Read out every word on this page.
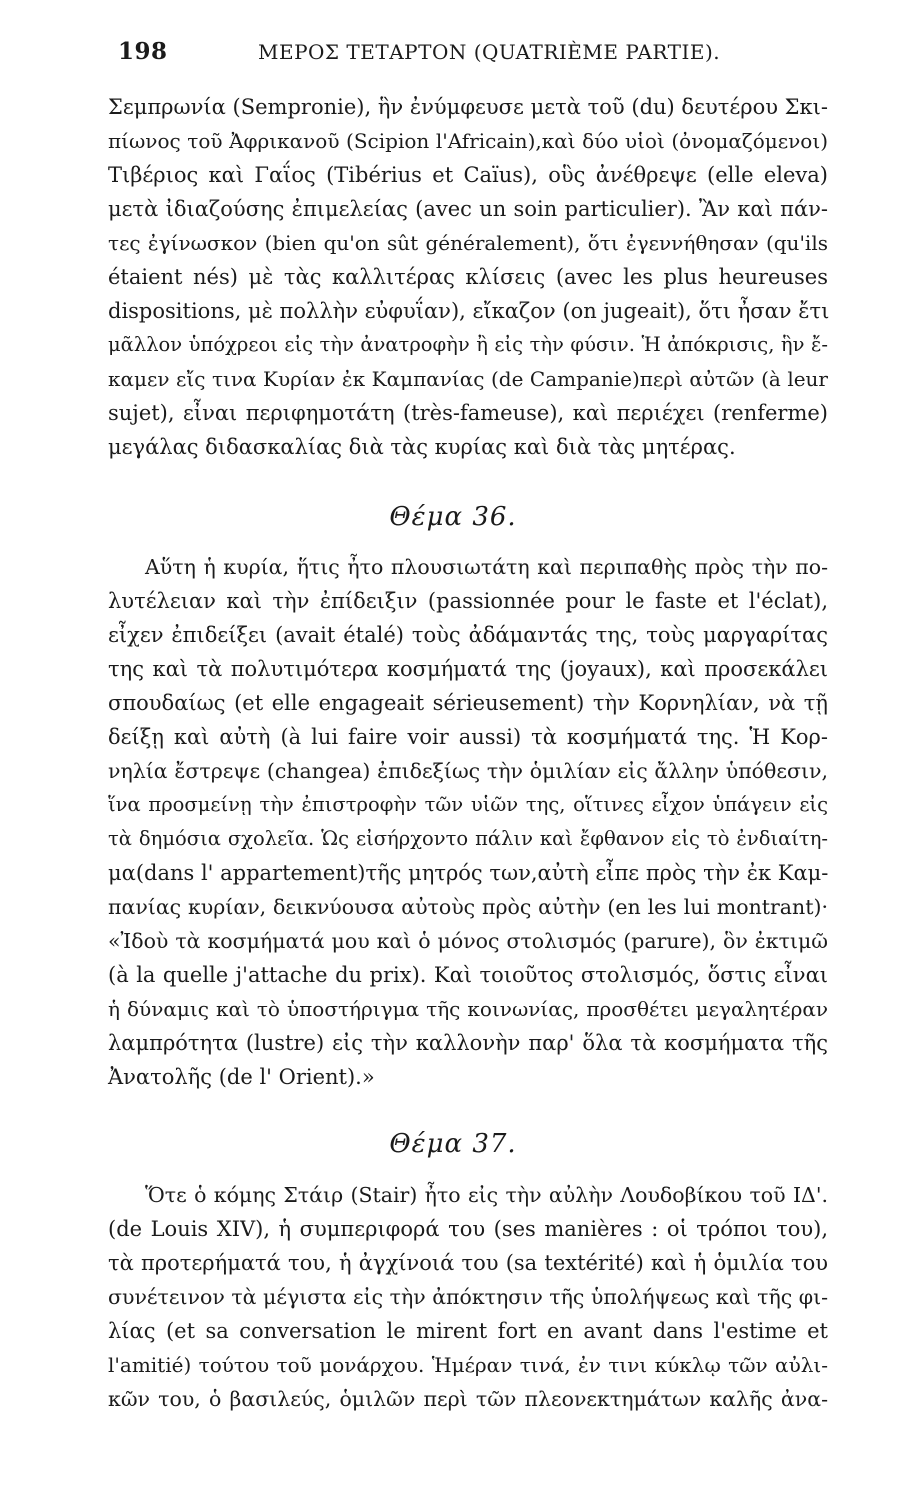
198	ΜΕΡΟΣ ΤΕΤΑΡΤΟΝ (QUATRIÈME PARTIE).
Σεμπρωνία (Sempronie), ἣν ἐνύμφευσε μετὰ τοῦ (du) δευτέρου Σκι-
πίωνος τοῦ Ἀφρικανοῦ (Scipion l'Africain),καὶ δύο υἱοὶ (ὀνομαζόμενοι)
Τιβέριος καὶ Γαΐος (Tibérius et Caïus), οὓς ἀνέθρεψε (elle eleva)
μετὰ ἰδιαζούσης ἐπιμελείας (avec un soin particulier). Ἂν καὶ πάν-
τες ἐγίνωσκον (bien qu'on sût généralement), ὅτι ἐγεννήθησαν (qu'ils
étaient nés) μὲ τὰς καλλιτέρας κλίσεις (avec les plus heureuses
dispositions, μὲ πολλὴν εὐφυΐαν), εἴκαζον (on jugeait), ὅτι ἦσαν ἔτι
μᾶλλον ὑπόχρεοι εἰς τὴν ἀνατροφὴν ἢ εἰς τὴν φύσιν. Ἡ ἀπόκρισις, ἣν ἔ-
καμεν εἴς τινα Κυρίαν ἐκ Καμπανίας (de Campanie)περὶ αὐτῶν (à leur
sujet), εἶναι περιφημοτάτη (très-fameuse), καὶ περιέχει (renferme)
μεγάλας διδασκαλίας διὰ τὰς κυρίας καὶ διὰ τὰς μητέρας.
Θέμα 36.
Αὕτη ἡ κυρία, ἥτις ἦτο πλουσιωτάτη καὶ περιπαθὴς πρὸς τὴν πο-
λυτέλειαν καὶ τὴν ἐπίδειξιν (passionnée pour le faste et l'éclat),
εἶχεν ἐπιδείξει (avait étalé) τοὺς ἀδάμαντάς της, τοὺς μαργαρίτας
της καὶ τὰ πολυτιμότερα κοσμήματά της (joyaux), καὶ προσεκάλει
σπουδαίως (et elle engageait sérieusement) τὴν Κορνηλίαν, νὰ τῇ
δείξῃ καὶ αὐτὴ (à lui faire voir aussi) τὰ κοσμήματά της. Ἡ Κορ-
νηλία ἔστρεψε (changea) ἐπιδεξίως τὴν ὁμιλίαν εἰς ἄλλην ὑπόθεσιν,
ἵνα προσμείνῃ τὴν ἐπιστροφὴν τῶν υἱῶν της, οἵτινες εἶχον ὑπάγειν εἰς
τὰ δημόσια σχολεῖα. Ὡς εἰσήρχοντο πάλιν καὶ ἔφθανον εἰς τὸ ἐνδιαίτη-
μα(dans l' appartement)τῆς μητρός των,αὐτὴ εἶπε πρὸς τὴν ἐκ Καμ-
πανίας κυρίαν, δεικνύουσα αὐτοὺς πρὸς αὐτὴν (en les lui montrant)·
«Ἰδοὺ τὰ κοσμήματά μου καὶ ὁ μόνος στολισμός (parure), ὃν ἐκτιμῶ
(à la quelle j'attache du prix). Καὶ τοιοῦτος στολισμός, ὅστις εἶναι
ἡ δύναμις καὶ τὸ ὑποστήριγμα τῆς κοινωνίας, προσθέτει μεγαλητέραν
λαμπρότητα (lustre) εἰς τὴν καλλονὴν παρ' ὅλα τὰ κοσμήματα τῆς
Ἀνατολῆς (de l' Orient).»
Θέμα 37.
Ὅτε ὁ κόμης Στάιρ (Stair) ἦτο εἰς τὴν αὐλὴν Λουδοβίκου τοῦ ΙΔ'.
(de Louis XIV), ἡ συμπεριφορά του (ses manières : οἱ τρόποι του),
τὰ προτερήματά του, ἡ ἀγχίνοιά του (sa textérité) καὶ ἡ ὁμιλία του
συνέτεινον τὰ μέγιστα εἰς τὴν ἀπόκτησιν τῆς ὑπολήψεως καὶ τῆς φι-
λίας (et sa conversation le mirent fort en avant dans l'estime et
l'amitié) τούτου τοῦ μονάρχου. Ἡμέραν τινά, ἐν τινι κύκλῳ τῶν αὐλι-
κῶν του, ὁ βασιλεύς, ὁμιλῶν περὶ τῶν πλεονεκτημάτων καλῆς ἀνα-
